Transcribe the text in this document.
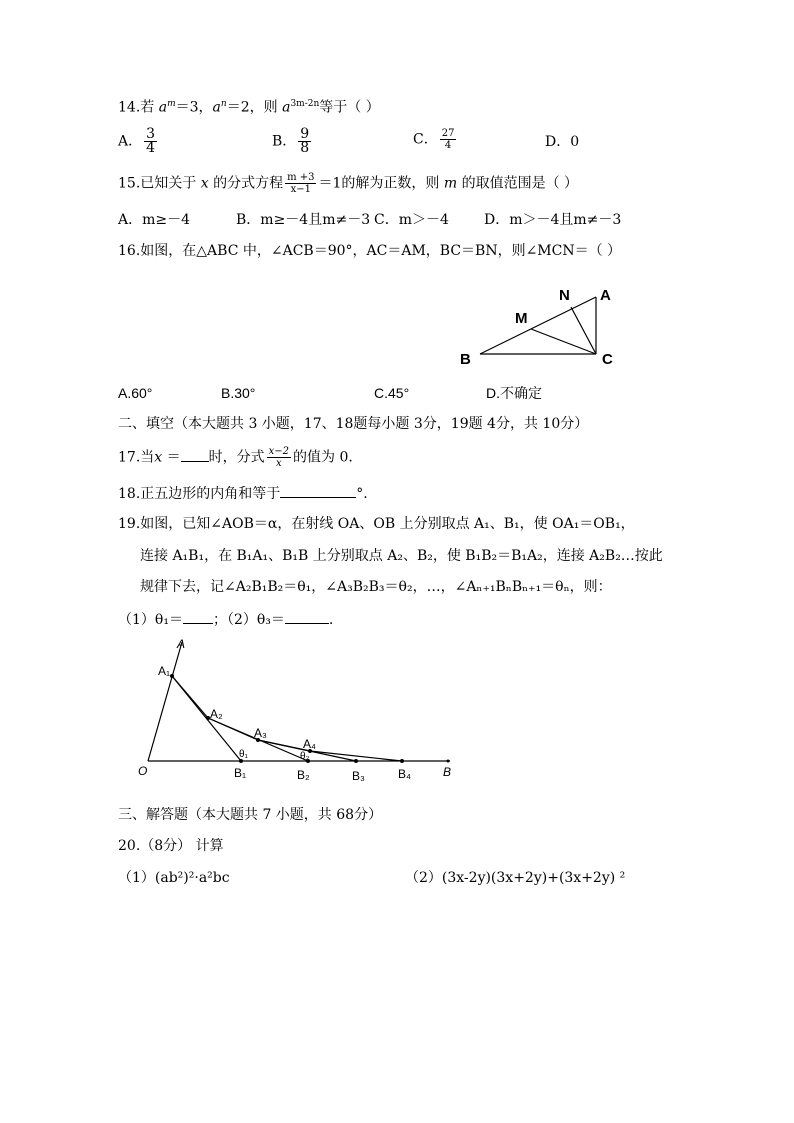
14.若 $a^m=3$，$a^n=2$，则 $a^{3m-2n}$等于（ ）
A． $\frac{3}{4}$	B． $\frac{9}{8}$	C． $\frac{27}{4}$	D．0
15.已知关于 x 的分式方程 $\frac{m +3}{x-1} =1$的解为正数，则 m 的取值范围是（ ）
A．m≥－4	B．m≥－4且m≠－3 C．m＞－4	D．m＞－4且m≠－3
16.如图，在△ABC 中，∠ACB＝90°，AC＝AM，BC＝BN，则∠MCN＝（ ）
N A
M
B	C
A.60°	B.30°	C.45°	D.不确定
二、填空（本大题共 3 小题，17、18题每小题 3分，19题 4分，共 10分）
17.当x ＝ 时，分式 $\frac{x-2}{x}$ 的值为 0.
18.正五边形的内角和等于	°.
19.如图，已知∠AOB＝α，在射线 OA、OB 上分别取点 A₁、B₁，使 OA₁＝OB₁，
连接 A₁B₁，在 B₁A₁、B₁B 上分别取点 A₂、B₂，使 B₁B₂＝B₁A₂，连接 A₂B₂…按此
规律下去，记∠A₂B₁B₂＝θ₁，∠A₃B₂B₃＝θ₂，…，∠Aₙ₊₁BₙBₙ₊₁＝θₙ，则：
（1）θ₁＝ ；（2）θ₃＝	.
A
A₁
A₂
A₃
A₄
θ₁	θ₂
O	B₁	B₂	B₃	B₄	B
三、解答题（本大题共 7 小题，共 68分）
20.（8分） 计算
（1）(ab²)²·a²bc	（2）(3x-2y)(3x+2y)+(3x+2y) ²
